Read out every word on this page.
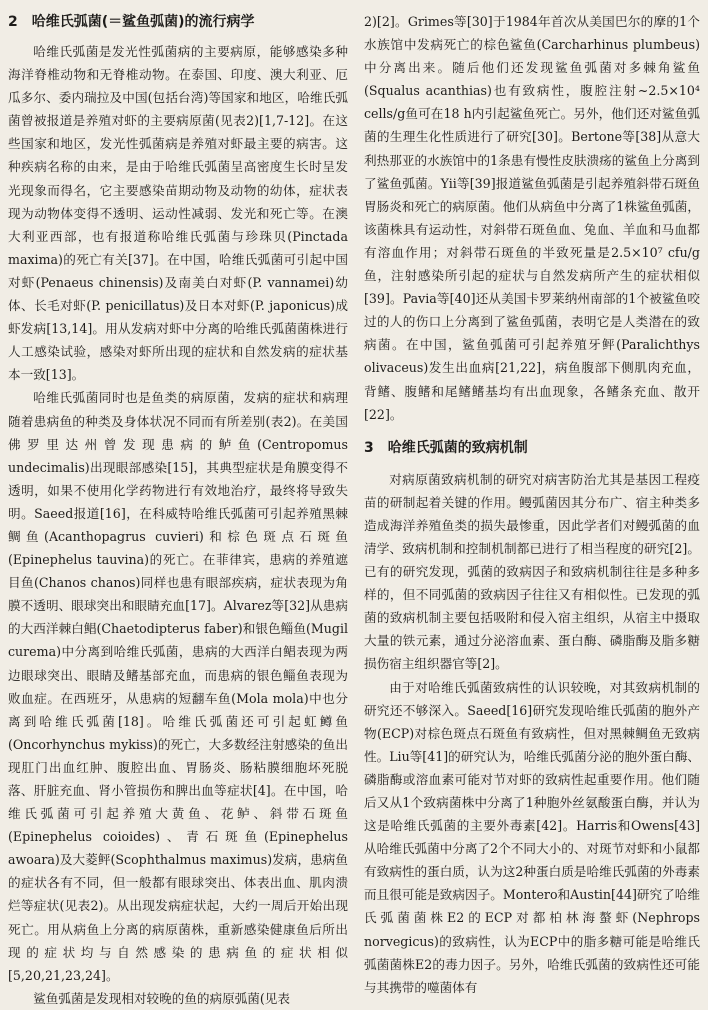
2　哈维氏弧菌(＝鲨鱼弧菌)的流行病学

哈维氏弧菌是发光性弧菌病的主要病原，能够感染多种海洋脊椎动物和无脊椎动物。在泰国、印度、澳大利亚、厄瓜多尔、委内瑞拉及中国(包括台湾)等国家和地区，哈维氏弧菌曾被报道是养殖对虾的主要病原菌(见表2)[1,7-12]。在这些国家和地区，发光性弧菌病是养殖对虾最主要的病害。这种疾病名称的由来，是由于哈维氏弧菌呈高密度生长时呈发光现象而得名，它主要感染苗期动物及动物的幼体，症状表现为动物体变得不透明、运动性减弱、发光和死亡等。在澳大利亚西部，也有报道称哈维氏弧菌与珍珠贝(Pinctada maxima)的死亡有关[37]。在中国，哈维氏弧菌可引起中国对虾(Penaeus chinensis)及南美白对虾(P. vannamei)幼体、长毛对虾(P. penicillatus)及日本对虾(P. japonicus)成虾发病[13,14]。用从发病对虾中分离的哈维氏弧菌菌株进行人工感染试验，感染对虾所出现的症状和自然发病的症状基本一致[13]。

哈维氏弧菌同时也是鱼类的病原菌，发病的症状和病理随着患病鱼的种类及身体状况不同而有所差别(表2)。在美国佛罗里达州曾发现患病的鲈鱼(Centropomus undecimalis)出现眼部感染[15]，其典型症状是角膜变得不透明，如果不使用化学药物进行有效地治疗，最终将导致失明。Saeed报道[16]，在科威特哈维氏弧菌可引起养殖黑棘鲷鱼(Acanthopagrus cuvieri)和棕色斑点石斑鱼(Epinephelus tauvina)的死亡。在菲律宾，患病的养殖遮目鱼(Chanos chanos)同样也患有眼部疾病，症状表现为角膜不透明、眼球突出和眼睛充血[17]。Alvarez等[32]从患病的大西洋棘白鲳(Chaetodipterus faber)和银色鲻鱼(Mugil curema)中分离到哈维氏弧菌，患病的大西洋白鲳表现为两边眼球突出、眼睛及鳍基部充血，而患病的银色鲻鱼表现为败血症。在西班牙，从患病的短翻车鱼(Mola mola)中也分离到哈维氏弧菌[18]。哈维氏弧菌还可引起虹鳟鱼(Oncorhynchus mykiss)的死亡，大多数经注射感染的鱼出现肛门出血红肿、腹腔出血、胃肠炎、肠粘膜细胞坏死脱落、肝脏充血、肾小管损伤和脾出血等症状[4]。在中国，哈维氏弧菌可引起养殖大黄鱼、花鲈、斜带石斑鱼(Epinephelus coioides)、青石斑鱼(Epinephelus awoara)及大菱鲆(Scophthalmus maximus)发病，患病鱼的症状各有不同，但一般都有眼球突出、体表出血、肌肉溃烂等症状(见表2)。从出现发病症状起，大约一周后开始出现死亡。用从病鱼上分离的病原菌株，重新感染健康鱼后所出现的症状均与自然感染的患病鱼的症状相似[5,20,21,23,24]。

鲨鱼弧菌是发现相对较晚的鱼的病原弧菌(见表

2)[2]。Grimes等[30]于1984年首次从美国巴尔的摩的1个水族馆中发病死亡的棕色鲨鱼(Carcharhinus plumbeus)中分离出来。随后他们还发现鲨鱼弧菌对多棘角鲨鱼(Squalus acanthias)也有致病性，腹腔注射~2.5×10⁴ cells/g鱼可在18 h内引起鲨鱼死亡。另外，他们还对鲨鱼弧菌的生理生化性质进行了研究[30]。Bertone等[38]从意大利热那亚的水族馆中的1条患有慢性皮肤溃疡的鲨鱼上分离到了鲨鱼弧菌。Yii等[39]报道鲨鱼弧菌是引起养殖斜带石斑鱼胃肠炎和死亡的病原菌。他们从病鱼中分离了1株鲨鱼弧菌，该菌株具有运动性，对斜带石斑鱼血、兔血、羊血和马血都有溶血作用；对斜带石斑鱼的半致死量是2.5×10⁷ cfu/g鱼，注射感染所引起的症状与自然发病所产生的症状相似[39]。Pavia等[40]还从美国卡罗莱纳州南部的1个被鲨鱼咬过的人的伤口上分离到了鲨鱼弧菌，表明它是人类潜在的致病菌。在中国，鲨鱼弧菌可引起养殖牙鲆(Paralichthys olivaceus)发生出血病[21,22]，病鱼腹部下侧肌肉充血，背鳍、腹鳍和尾鳍鳍基均有出血现象，各鳍条充血、散开[22]。

3　哈维氏弧菌的致病机制

对病原菌致病机制的研究对病害防治尤其是基因工程疫苗的研制起着关键的作用。鳗弧菌因其分布广、宿主种类多造成海洋养殖鱼类的损失最惨重，因此学者们对鳗弧菌的血清学、致病机制和控制机制都已进行了相当程度的研究[2]。已有的研究发现，弧菌的致病因子和致病机制往往是多种多样的，但不同弧菌的致病因子往往又有相似性。已发现的弧菌的致病机制主要包括吸附和侵入宿主组织，从宿主中摄取大量的铁元素，通过分泌溶血素、蛋白酶、磷脂酶及脂多糖损伤宿主组织器官等[2]。

由于对哈维氏弧菌致病性的认识较晚，对其致病机制的研究还不够深入。Saeed[16]研究发现哈维氏弧菌的胞外产物(ECP)对棕色斑点石斑鱼有致病性，但对黑棘鲷鱼无致病性。Liu等[41]的研究认为，哈维氏弧菌分泌的胞外蛋白酶、磷脂酶或溶血素可能对节对虾的致病性起重要作用。他们随后又从1个致病菌株中分离了1种胞外丝氨酸蛋白酶，并认为这是哈维氏弧菌的主要外毒素[42]。Harris和Owens[43]从哈维氏弧菌中分离了2个不同大小的、对斑节对虾和小鼠都有致病性的蛋白质，认为这2种蛋白质是哈维氏弧菌的外毒素而且很可能是致病因子。Montero和Austin[44]研究了哈维氏弧菌菌株E2的ECP对都柏林海螯虾(Nephrops norvegicus)的致病性，认为ECP中的脂多糖可能是哈维氏弧菌菌株E2的毒力因子。另外，哈维氏弧菌的致病性还可能与其携带的噬菌体有
